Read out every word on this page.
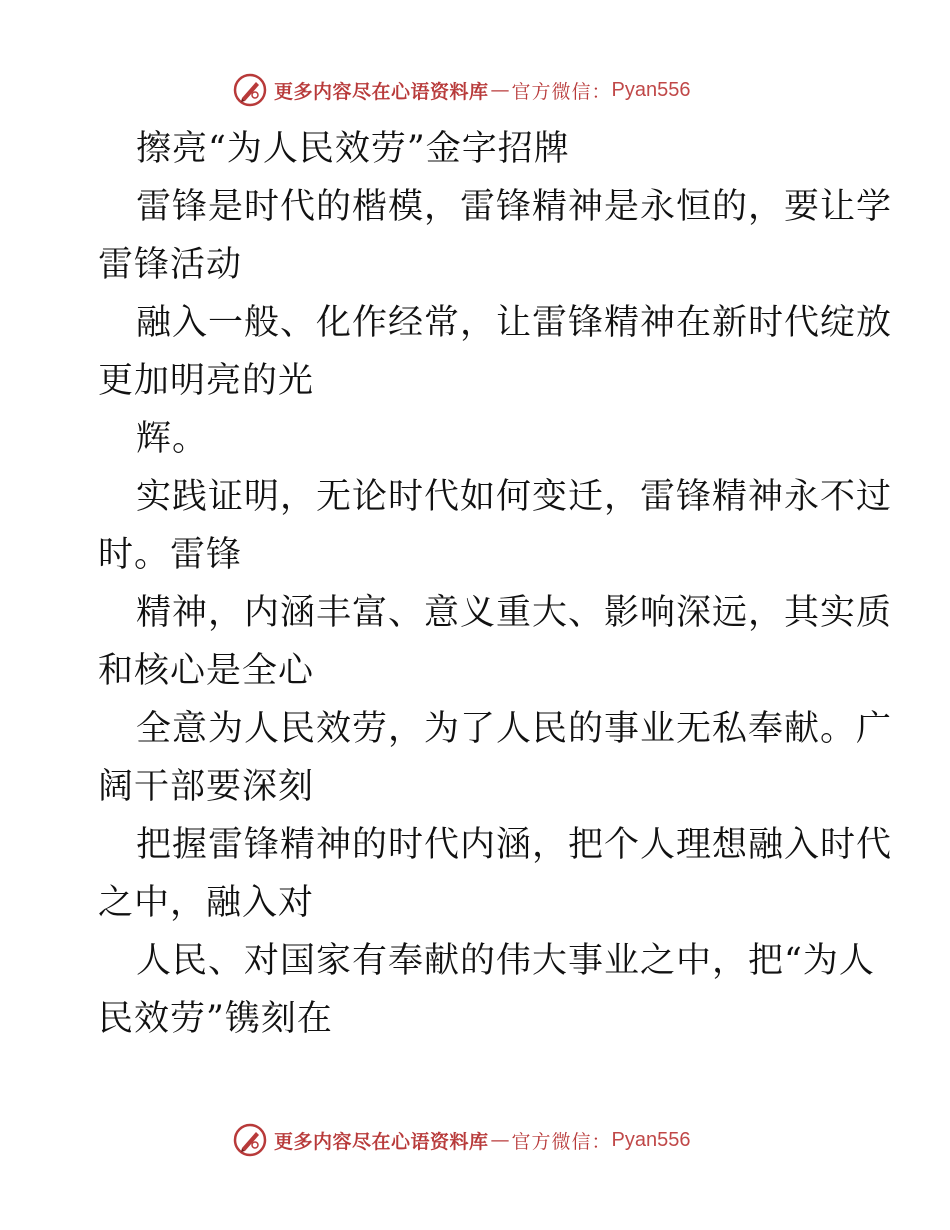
更多内容尽在心语资料库 — 官方微信： Pyan556
擦亮“为人民效劳”金字招牌
雷锋是时代的楷模，雷锋精神是永恒的，要让学
雷锋活动
融入一般、化作经常，让雷锋精神在新时代绽放
更加明亮的光
辉。
实践证明，无论时代如何变迁，雷锋精神永不过
时。雷锋
精神，内涵丰富、意义重大、影响深远，其实质
和核心是全心
全意为人民效劳，为了人民的事业无私奉献。广
阔干部要深刻
把握雷锋精神的时代内涵，把个人理想融入时代
之中，融入对
人民、对国家有奉献的伟大事业之中，把“为人
民效劳”镌刻在
更多内容尽在心语资料库 — 官方微信： Pyan556
